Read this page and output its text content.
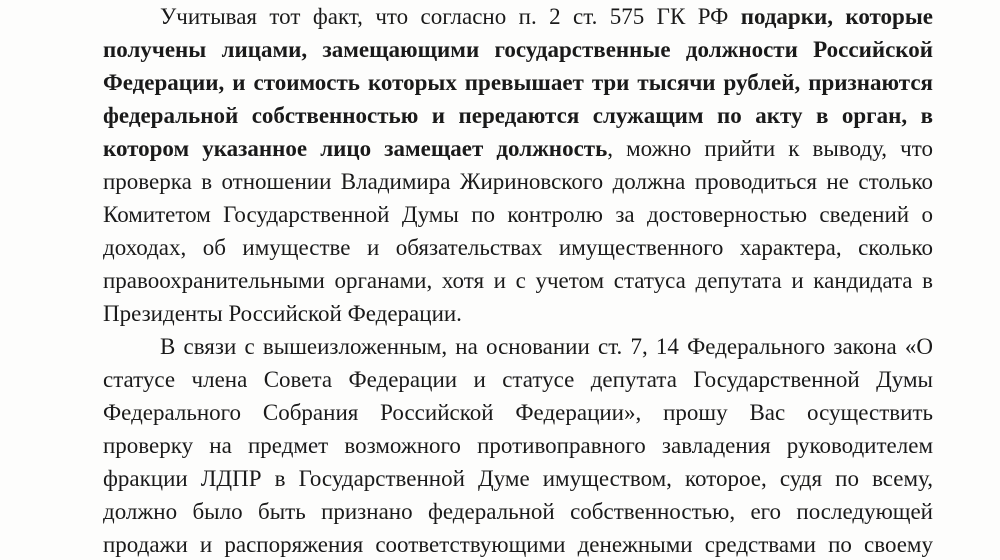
Учитывая тот факт, что согласно п. 2 ст. 575 ГК РФ подарки, которые
получены лицами, замещающими государственные должности Российской
Федерации, и стоимость которых превышает три тысячи рублей, признаются
федеральной собственностью и передаются служащим по акту в орган, в
котором указанное лицо замещает должность, можно прийти к выводу, что
проверка в отношении Владимира Жириновского должна проводиться не столько
Комитетом Государственной Думы по контролю за достоверностью сведений о
доходах, об имуществе и обязательствах имущественного характера, сколько
правоохранительными органами, хотя и с учетом статуса депутата и кандидата в
Президенты Российской Федерации.
В связи с вышеизложенным, на основании ст. 7, 14 Федерального закона «О
статусе члена Совета Федерации и статусе депутата Государственной Думы
Федерального Собрания Российской Федерации», прошу Вас осуществить
проверку на предмет возможного противоправного завладения руководителем
фракции ЛДПР в Государственной Думе имуществом, которое, судя по всему,
должно было быть признано федеральной собственностью, его последующей
продажи и распоряжения соответствующими денежными средствами по своему
